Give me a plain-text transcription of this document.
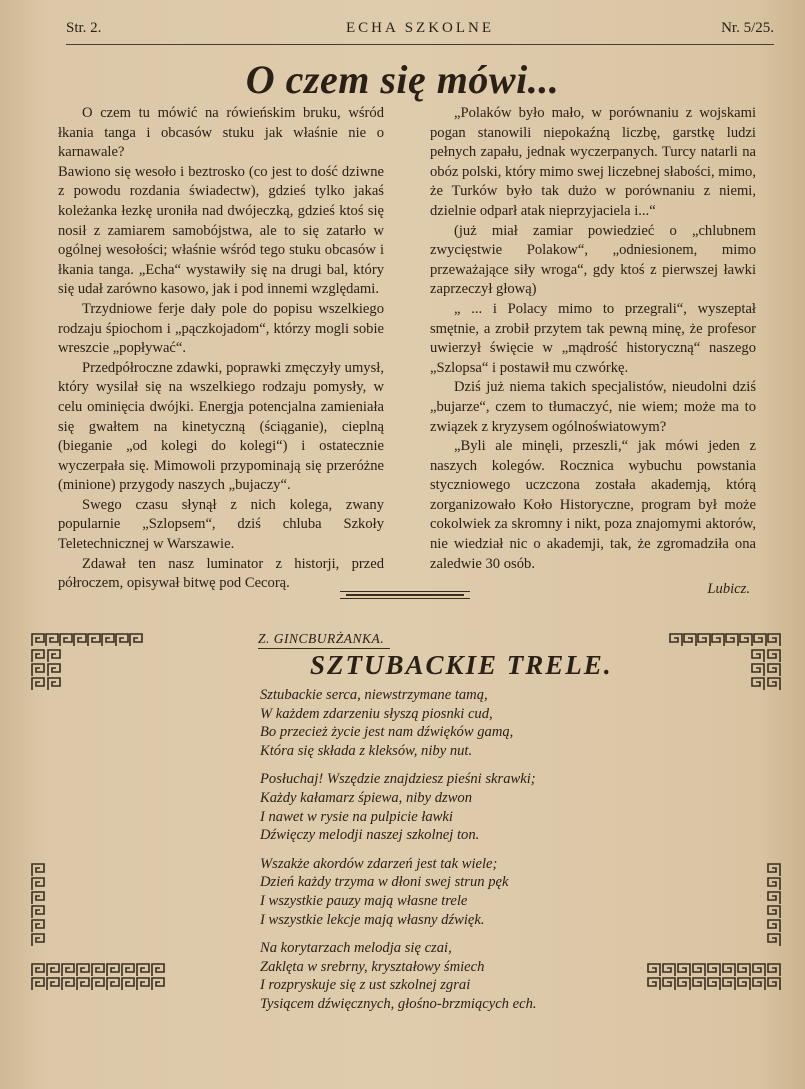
Str. 2.	ECHA SZKOLNE	Nr. 5/25.
O czem się mówi...

O czem tu mówić na rówieńskim bruku, wśród łkania tanga i obcasów stuku jak właśnie nie o karnawale?

Bawiono się wesoło i beztrosko (co jest to dość dziwne z powodu rozdania świadectw), gdzieś tylko jakaś koleżanka łezkę uroniła nad dwójeczką, gdzieś ktoś się nosił z zamiarem samobójstwa, ale to się zatarło w ogólnej wesołości; właśnie wśród tego stuku obcasów i łkania tanga. „Echa“ wystawiły się na drugi bal, który się udał zarówno kasowo, jak i pod innemi względami.

Trzydniowe ferje dały pole do popisu wszelkiego rodzaju śpiochom i „pączkojadom“, którzy mogli sobie wreszcie „popływać“.

Przedpółroczne zdawki, poprawki zmęczyły umysł, który wysilał się na wszelkiego rodzaju pomysły, w celu ominięcia dwójki. Energja potencjalna zamieniała się gwałtem na kinetyczną (ściąganie), cieplną (bieganie „od kolegi do kolegi“) i ostatecznie wyczerpała się. Mimowoli przypominają się przeróżne (minione) przygody naszych „bujaczy“.

Swego czasu słynął z nich kolega, zwany popularnie „Szlopsem“, dziś chluba Szkoły Teletechnicznej w Warszawie.

Zdawał ten nasz luminator z historji, przed półroczem, opisywał bitwę pod Cecorą.

„Polaków było mało, w porównaniu z wojskami pogan stanowili niepokaźną liczbę, garstkę ludzi pełnych zapału, jednak wyczerpanych. Turcy natarli na obóz polski, który mimo swej liczebnej słabości, mimo, że Turków było tak dużo w porównaniu z niemi, dzielnie odparł atak nieprzyjaciela i...“

(już miał zamiar powiedzieć o „chlubnem zwycięstwie Polakow“, „odniesionem, mimo przeważające siły wroga“, gdy ktoś z pierwszej ławki zaprzeczył głową)

„ ... i Polacy mimo to przegrali“, wyszeptał smętnie, a zrobił przytem tak pewną minę, że profesor uwierzył święcie w „mądrość historyczną“ naszego „Szlopsa“ i postawił mu czwórkę.

Dziś już niema takich specjalistów, nieudolni dziś „bujarze“, czem to tłumaczyć, nie wiem; może ma to związek z kryzysem ogólnoświatowym?

„Byli ale minęli, przeszli,“ jak mówi jeden z naszych kolegów. Rocznica wybuchu powstania styczniowego uczczona została akademją, którą zorganizowało Koło Historyczne, program był może cokolwiek za skromny i nikt, poza znajomymi aktorów, nie wiedział nic o akademji, tak, że zgromadziła ona zaledwie 30 osób.

Lubicz.

Z. GINCBURŻANKA.
SZTUBACKIE TRELE.
Sztubackie serca, niewstrzymane tamą,
W każdem zdarzeniu słyszą piosnki cud,
Bo przecież życie jest nam dźwięków gamą,
Która się składa z kleksów, niby nut.
Posłuchaj! Wszędzie znajdziesz pieśni skrawki;
Każdy kałamarz śpiewa, niby dzwon
I nawet w rysie na pulpicie ławki
Dźwięczy melodji naszej szkolnej ton.
Wszakże akordów zdarzeń jest tak wiele;
Dzień każdy trzyma w dłoni swej strun pęk
I wszystkie pauzy mają własne trele
I wszystkie lekcje mają własny dźwięk.
Na korytarzach melodja się czai,
Zaklęta w srebrny, kryształowy śmiech
I rozpryskuje się z ust szkolnej zgrai
Tysiącem dźwięcznych, głośno-brzmiących ech.
